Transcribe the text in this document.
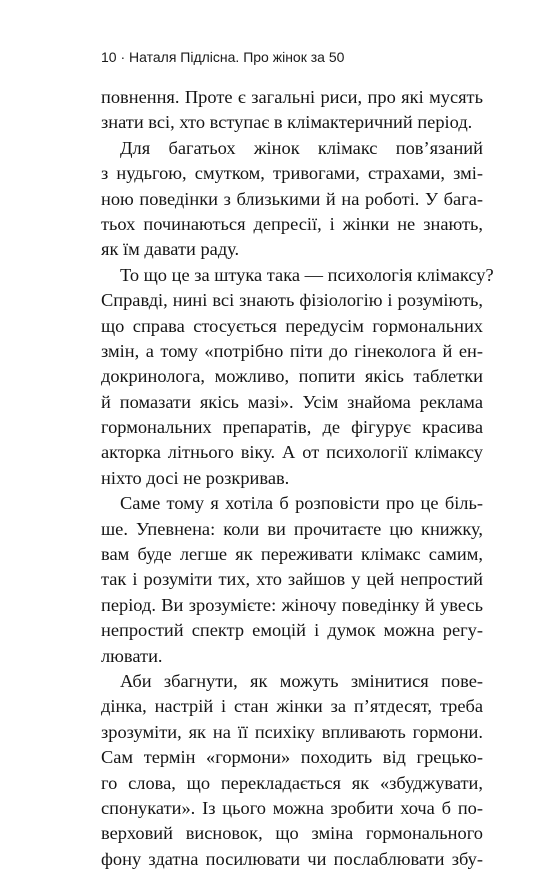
10 · Наталя Підлісна. Про жінок за 50
повнення. Проте є загальні риси, про які мусять
знати всі, хто вступає в клімактеричний період.
Для багатьох жінок клімакс пов’язаний
з нудьгою, смутком, тривогами, страхами, змі-
ною поведінки з близькими й на роботі. У бага-
тьох починаються депресії, і жінки не знають,
як їм давати раду.
То що це за штука така — психологія клімаксу?
Справді, нині всі знають фізіологію і розуміють,
що справа стосується передусім гормональних
змін, а тому «потрібно піти до гінеколога й ен-
докринолога, можливо, попити якісь таблетки
й помазати якісь мазі». Усім знайома реклама
гормональних препаратів, де фігурує красива
акторка літнього віку. А от психології клімаксу
ніхто досі не розкривав.
Саме тому я хотіла б розповісти про це біль-
ше. Упевнена: коли ви прочитаєте цю книжку,
вам буде легше як переживати клімакс самим,
так і розуміти тих, хто зайшов у цей непростий
період. Ви зрозумієте: жіночу поведінку й увесь
непростий спектр емоцій і думок можна регу-
лювати.
Аби збагнути, як можуть змінитися пове-
дінка, настрій і стан жінки за п’ятдесят, треба
зрозуміти, як на її психіку впливають гормони.
Сам термін «гормони» походить від грецько-
го слова, що перекладається як «збуджувати,
спонукати». Із цього можна зробити хоча б по-
верховий висновок, що зміна гормонального
фону здатна посилювати чи послаблювати збу-
